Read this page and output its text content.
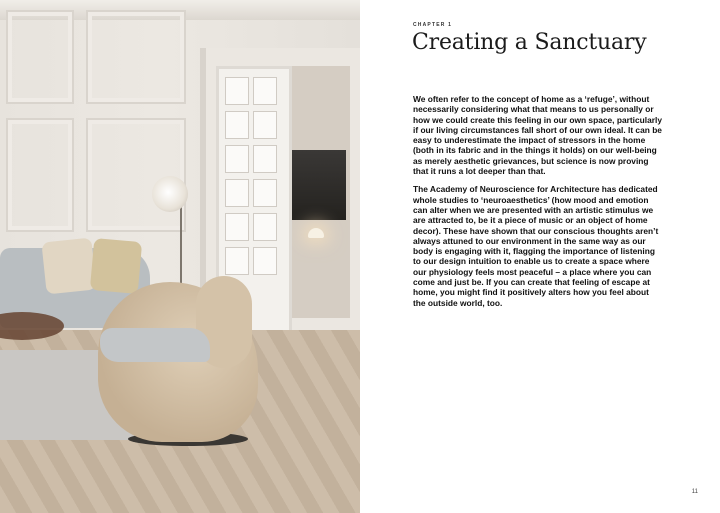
CHAPTER 1
Creating a Sanctuary

We often refer to the concept of home as a ‘refuge’, without necessarily considering what that means to us personally or how we could create this feeling in our own space, particularly if our living circumstances fall short of our own ideal. It can be easy to underestimate the impact of stressors in the home (both in its fabric and in the things it holds) on our well-being as merely aesthetic grievances, but science is now proving that it runs a lot deeper than that.

The Academy of Neuroscience for Architecture has dedicated whole studies to ‘neuroaesthetics’ (how mood and emotion can alter when we are presented with an artistic stimulus we are attracted to, be it a piece of music or an object of home decor). These have shown that our conscious thoughts aren’t always attuned to our environment in the same way as our body is engaging with it, flagging the importance of listening to our design intuition to enable us to create a space where our physiology feels most peaceful – a place where you can come and just be. If you can create that feeling of escape at home, you might find it positively alters how you feel about the outside world, too.

11
